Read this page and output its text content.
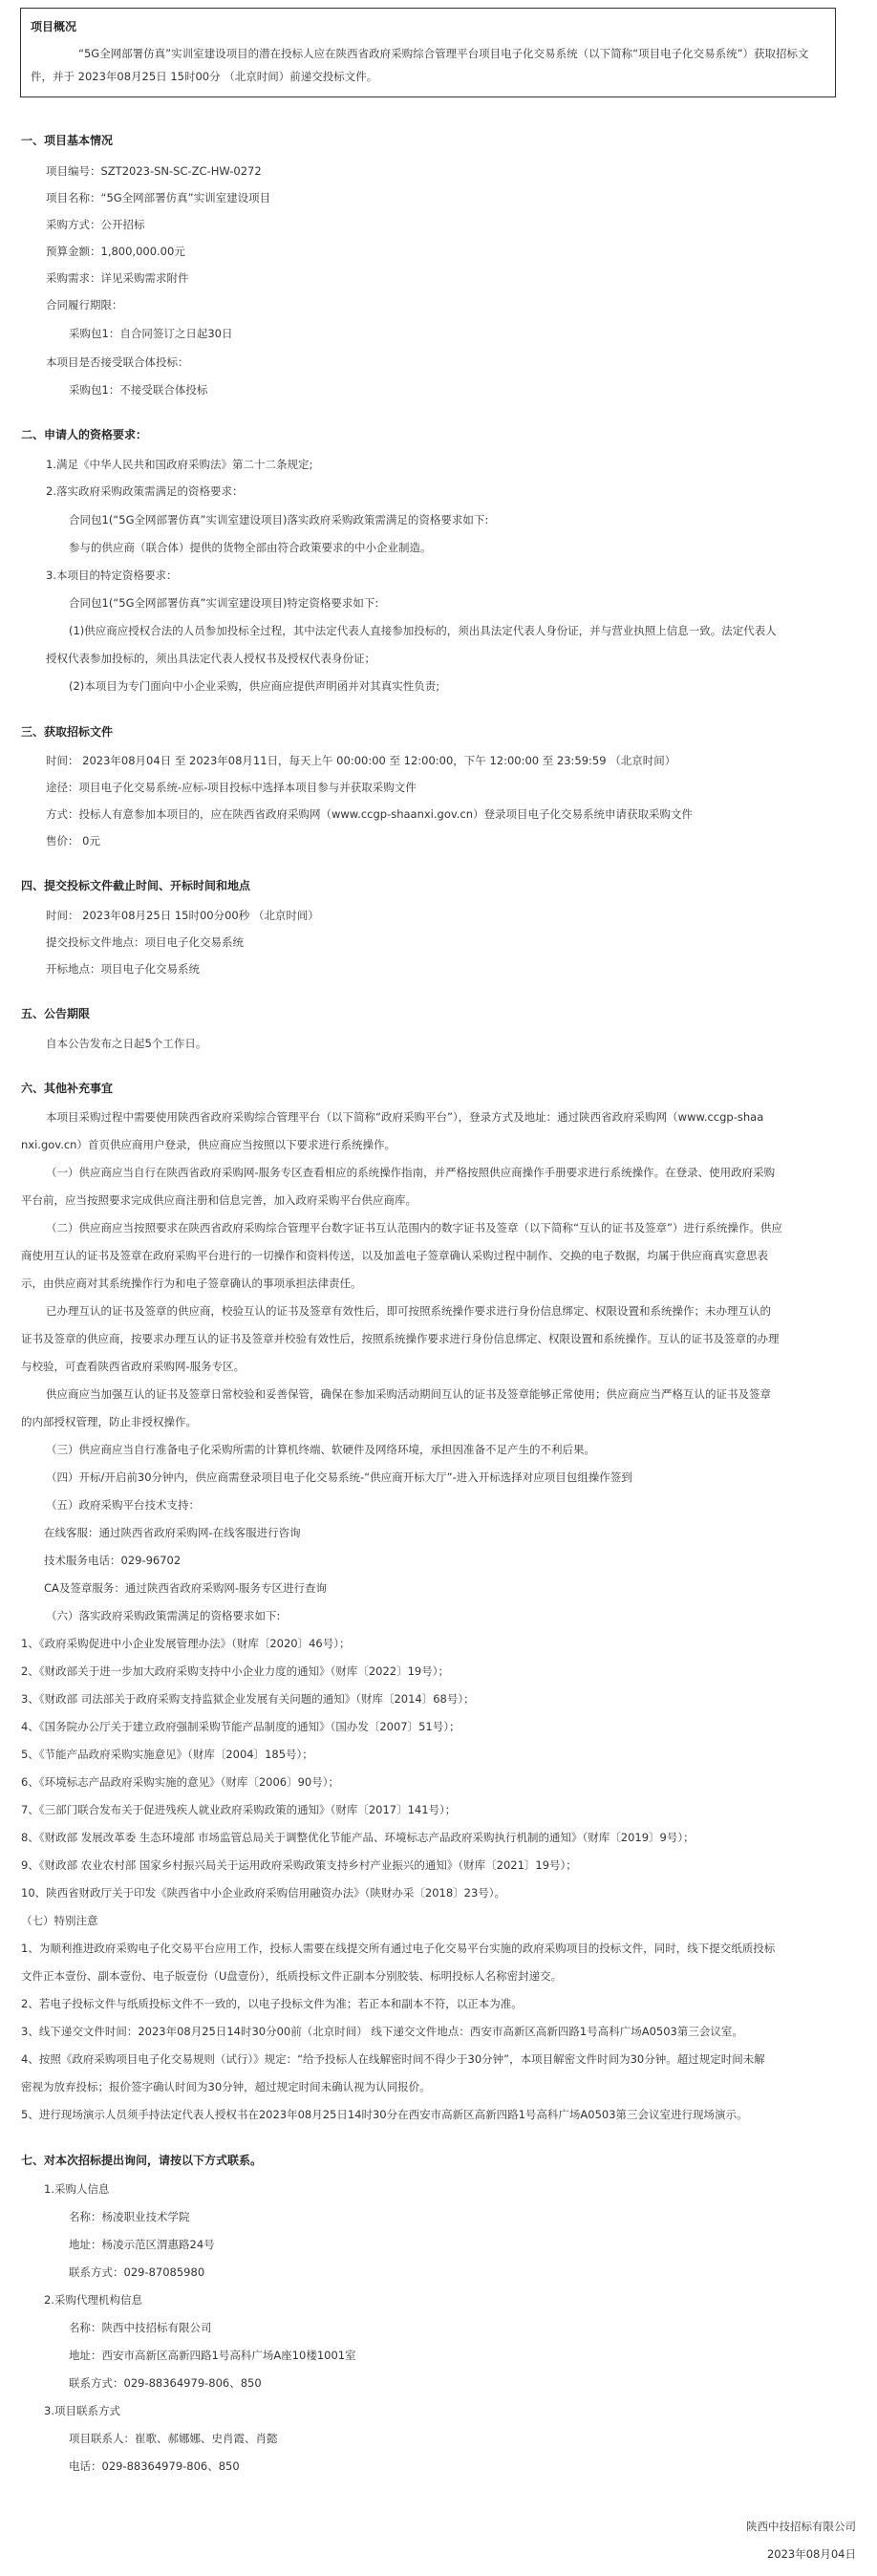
项目概况
“5G全网部署仿真”实训室建设项目的潜在投标人应在陕西省政府采购综合管理平台项目电子化交易系统（以下简称“项目电子化交易系统”）获取招标文件，并于 2023年08月25日 15时00分 （北京时间）前递交投标文件。
一、项目基本情况
项目编号：SZT2023-SN-SC-ZC-HW-0272
项目名称：“5G全网部署仿真”实训室建设项目
采购方式：公开招标
预算金额：1,800,000.00元
采购需求：详见采购需求附件
合同履行期限：
采购包1：自合同签订之日起30日
本项目是否接受联合体投标：
采购包1：不接受联合体投标
二、申请人的资格要求：
1.满足《中华人民共和国政府采购法》第二十二条规定;
2.落实政府采购政策需满足的资格要求：
合同包1(“5G全网部署仿真”实训室建设项目)落实政府采购政策需满足的资格要求如下:
参与的供应商（联合体）提供的货物全部由符合政策要求的中小企业制造。
3.本项目的特定资格要求：
合同包1(“5G全网部署仿真”实训室建设项目)特定资格要求如下:
(1)供应商应授权合法的人员参加投标全过程，其中法定代表人直接参加投标的，须出具法定代表人身份证，并与营业执照上信息一致。法定代表人
授权代表参加投标的，须出具法定代表人授权书及授权代表身份证；
(2)本项目为专门面向中小企业采购，供应商应提供声明函并对其真实性负责;
三、获取招标文件
时间： 2023年08月04日 至 2023年08月11日，每天上午 00:00:00 至 12:00:00，下午 12:00:00 至 23:59:59 （北京时间）
途径：项目电子化交易系统-应标-项目投标中选择本项目参与并获取采购文件
方式：投标人有意参加本项目的，应在陕西省政府采购网（www.ccgp-shaanxi.gov.cn）登录项目电子化交易系统申请获取采购文件
售价： 0元
四、提交投标文件截止时间、开标时间和地点
时间： 2023年08月25日 15时00分00秒 （北京时间）
提交投标文件地点：项目电子化交易系统
开标地点：项目电子化交易系统
五、公告期限
自本公告发布之日起5个工作日。
六、其他补充事宜
本项目采购过程中需要使用陕西省政府采购综合管理平台（以下简称“政府采购平台”），登录方式及地址：通过陕西省政府采购网（www.ccgp-shaa
nxi.gov.cn）首页供应商用户登录，供应商应当按照以下要求进行系统操作。
（一）供应商应当自行在陕西省政府采购网-服务专区查看相应的系统操作指南，并严格按照供应商操作手册要求进行系统操作。在登录、使用政府采购
平台前，应当按照要求完成供应商注册和信息完善，加入政府采购平台供应商库。
（二）供应商应当按照要求在陕西省政府采购综合管理平台数字证书互认范围内的数字证书及签章（以下简称“互认的证书及签章”）进行系统操作。供应
商使用互认的证书及签章在政府采购平台进行的一切操作和资料传送，以及加盖电子签章确认采购过程中制作、交换的电子数据，均属于供应商真实意思表
示，由供应商对其系统操作行为和电子签章确认的事项承担法律责任。
已办理互认的证书及签章的供应商，校验互认的证书及签章有效性后，即可按照系统操作要求进行身份信息绑定、权限设置和系统操作；未办理互认的
证书及签章的供应商，按要求办理互认的证书及签章并校验有效性后，按照系统操作要求进行身份信息绑定、权限设置和系统操作。互认的证书及签章的办理
与校验，可查看陕西省政府采购网-服务专区。
供应商应当加强互认的证书及签章日常校验和妥善保管，确保在参加采购活动期间互认的证书及签章能够正常使用；供应商应当严格互认的证书及签章
的内部授权管理，防止非授权操作。
（三）供应商应当自行准备电子化采购所需的计算机终端、软硬件及网络环境，承担因准备不足产生的不利后果。
（四）开标/开启前30分钟内，供应商需登录项目电子化交易系统-“供应商开标大厅”-进入开标选择对应项目包组操作签到
（五）政府采购平台技术支持：
在线客服：通过陕西省政府采购网-在线客服进行咨询
技术服务电话：029-96702
CA及签章服务：通过陕西省政府采购网-服务专区进行查询
（六）落实政府采购政策需满足的资格要求如下:
1、《政府采购促进中小企业发展管理办法》（财库〔2020〕46号）；
2、《财政部关于进一步加大政府采购支持中小企业力度的通知》（财库〔2022〕19号）；
3、《财政部 司法部关于政府采购支持监狱企业发展有关问题的通知》（财库〔2014〕68号）；
4、《国务院办公厅关于建立政府强制采购节能产品制度的通知》（国办发〔2007〕51号）；
5、《节能产品政府采购实施意见》（财库〔2004〕185号）；
6、《环境标志产品政府采购实施的意见》（财库〔2006〕90号）；
7、《三部门联合发布关于促进残疾人就业政府采购政策的通知》（财库〔2017〕141号）；
8、《财政部 发展改革委 生态环境部 市场监管总局关于调整优化节能产品、环境标志产品政府采购执行机制的通知》（财库〔2019〕9号）；
9、《财政部 农业农村部 国家乡村振兴局关于运用政府采购政策支持乡村产业振兴的通知》（财库〔2021〕19号）；
10、陕西省财政厅关于印发《陕西省中小企业政府采购信用融资办法》（陕财办采〔2018〕23号）。
（七）特别注意
1、为顺利推进政府采购电子化交易平台应用工作，投标人需要在线提交所有通过电子化交易平台实施的政府采购项目的投标文件，同时，线下提交纸质投标
文件正本壹份、副本壹份、电子版壹份（U盘壹份），纸质投标文件正副本分别胶装、标明投标人名称密封递交。
2、若电子投标文件与纸质投标文件不一致的，以电子投标文件为准；若正本和副本不符，以正本为准。
3、线下递交文件时间：2023年08月25日14时30分00前（北京时间） 线下递交文件地点：西安市高新区高新四路1号高科广场A0503第三会议室。
4、按照《政府采购项目电子化交易规则（试行）》规定：“给予投标人在线解密时间不得少于30分钟”，本项目解密文件时间为30分钟。超过规定时间未解
密视为放弃投标；报价签字确认时间为30分钟，超过规定时间未确认视为认同报价。
5、进行现场演示人员须手持法定代表人授权书在2023年08月25日14时30分在西安市高新区高新四路1号高科广场A0503第三会议室进行现场演示。
七、对本次招标提出询问，请按以下方式联系。
1.采购人信息
名称：杨凌职业技术学院
地址：杨凌示范区渭惠路24号
联系方式：029-87085980
2.采购代理机构信息
名称：陕西中技招标有限公司
地址：西安市高新区高新四路1号高科广场A座10楼1001室
联系方式：029-88364979-806、850
3.项目联系方式
项目联系人：崔歌、郝娜娜、史肖霞、肖懿
电话：029-88364979-806、850
陕西中技招标有限公司
2023年08月04日
